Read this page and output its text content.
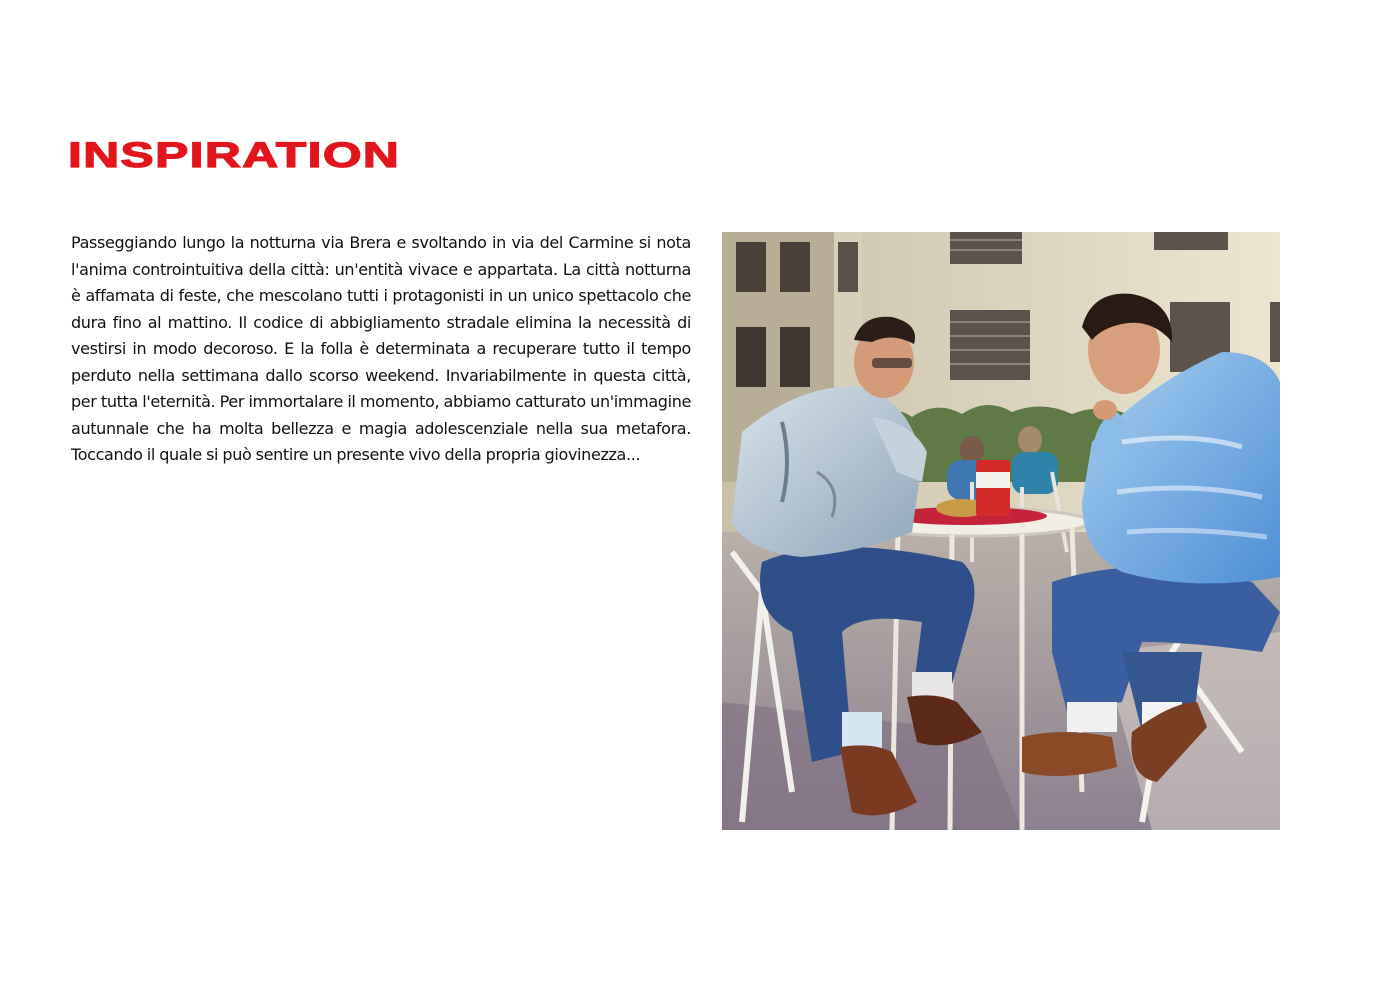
INSPIRATION

Passeggiando lungo la notturna via Brera e svoltando in via del Carmine si nota l'anima controintuitiva della città: un'entità vivace e appartata. La città notturna è affamata di feste, che mescolano tutti i protagonisti in un unico spettacolo che dura fino al mattino. Il codice di abbigliamento stradale elimina la necessità di vestirsi in modo decoroso. E la folla è determinata a recuperare tutto il tempo perduto nella settimana dallo scorso weekend. Invariabilmente in questa città, per tutta l'eternità. Per immortalare il momento, abbiamo catturato un'immagine autunnale che ha molta bellezza e magia adolescenziale nella sua metafora. Toccando il quale si può sentire un presente vivo della propria giovinezza...
